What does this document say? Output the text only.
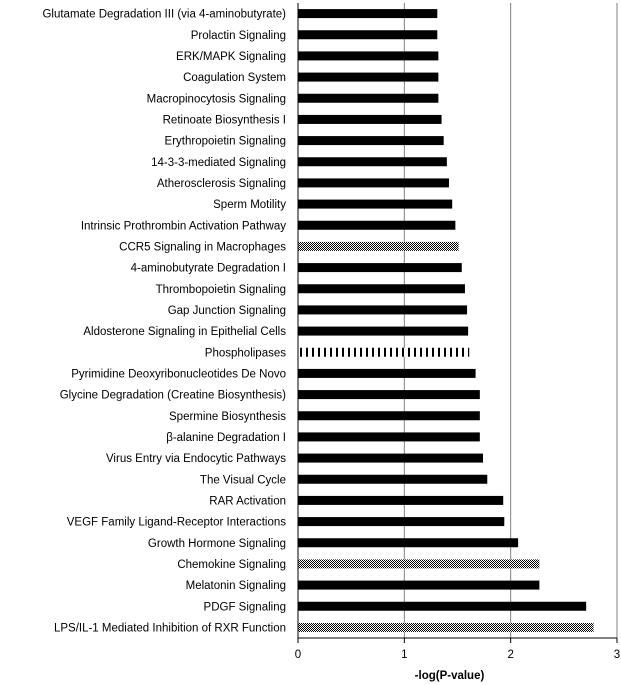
Glutamate Degradation III (via 4-aminobutyrate)
Prolactin Signaling
ERK/MAPK Signaling
Coagulation System
Macropinocytosis Signaling
Retinoate Biosynthesis I
Erythropoietin Signaling
14-3-3-mediated Signaling
Atherosclerosis Signaling
Sperm Motility
Intrinsic Prothrombin Activation Pathway
CCR5 Signaling in Macrophages
4-aminobutyrate Degradation I
Thrombopoietin Signaling
Gap Junction Signaling
Aldosterone Signaling in Epithelial Cells
Phospholipases
Pyrimidine Deoxyribonucleotides De Novo
Glycine Degradation (Creatine Biosynthesis)
Spermine Biosynthesis
β-alanine Degradation I
Virus Entry via Endocytic Pathways
The Visual Cycle
RAR Activation
VEGF Family Ligand-Receptor Interactions
Growth Hormone Signaling
Chemokine Signaling
Melatonin Signaling
PDGF Signaling
LPS/IL-1 Mediated Inhibition of RXR Function
0	1	2	3
-log(P-value)
